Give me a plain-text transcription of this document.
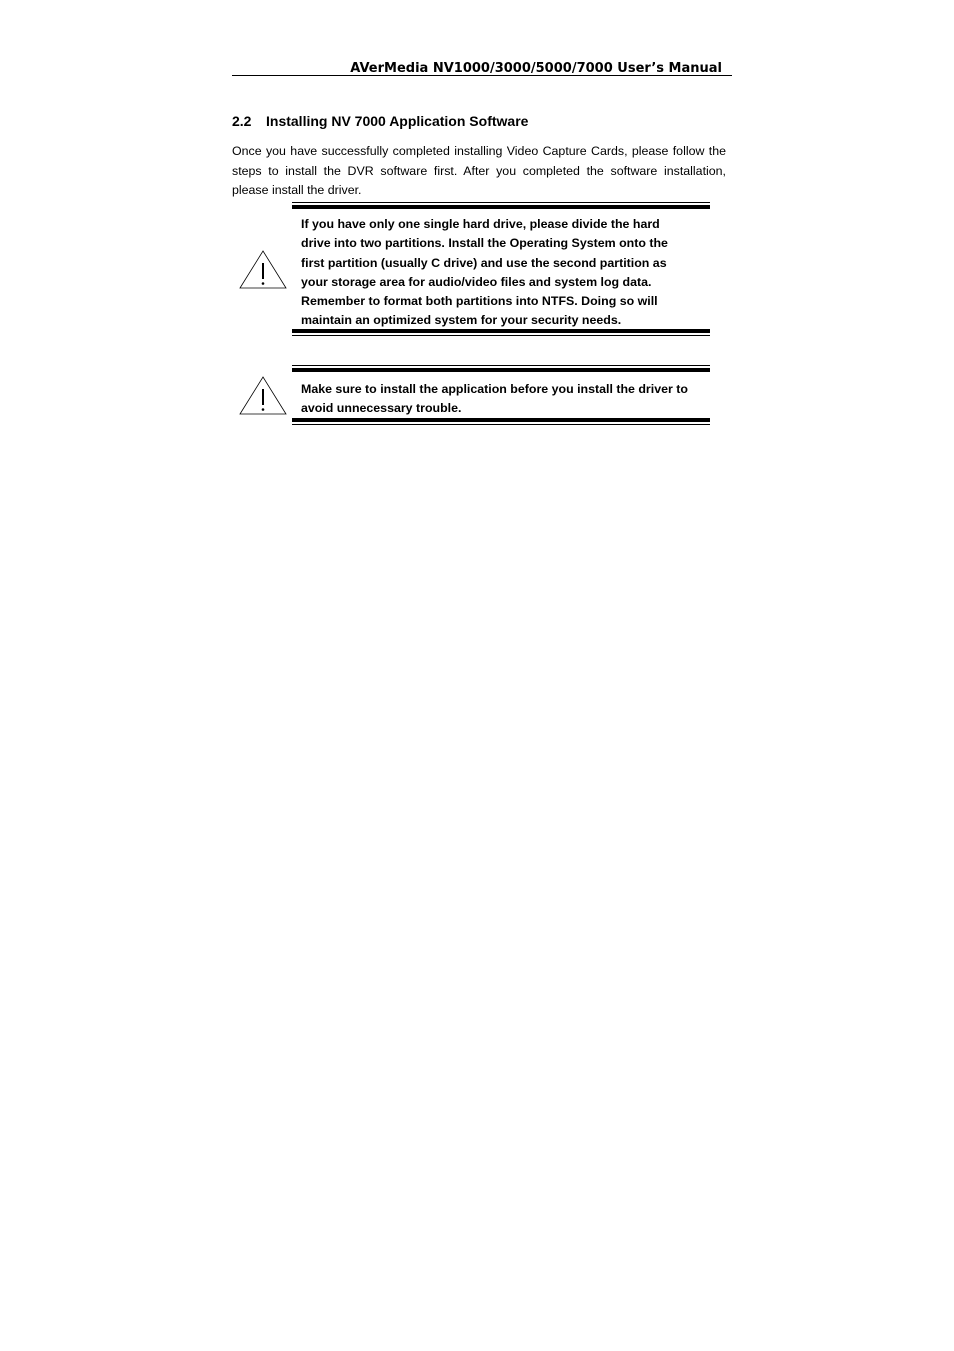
AVerMedia NV1000/3000/5000/7000 User’s Manual
2.2 Installing NV 7000 Application Software

Once you have successfully completed installing Video Capture Cards, please follow the steps to install the DVR software first. After you completed the software installation, please install the driver.

If you have only one single hard drive, please divide the hard
drive into two partitions. Install the Operating System onto the
first partition (usually C drive) and use the second partition as
your storage area for audio/video files and system log data.
Remember to format both partitions into NTFS. Doing so will
maintain an optimized system for your security needs.

Make sure to install the application before you install the driver to
avoid unnecessary trouble.
